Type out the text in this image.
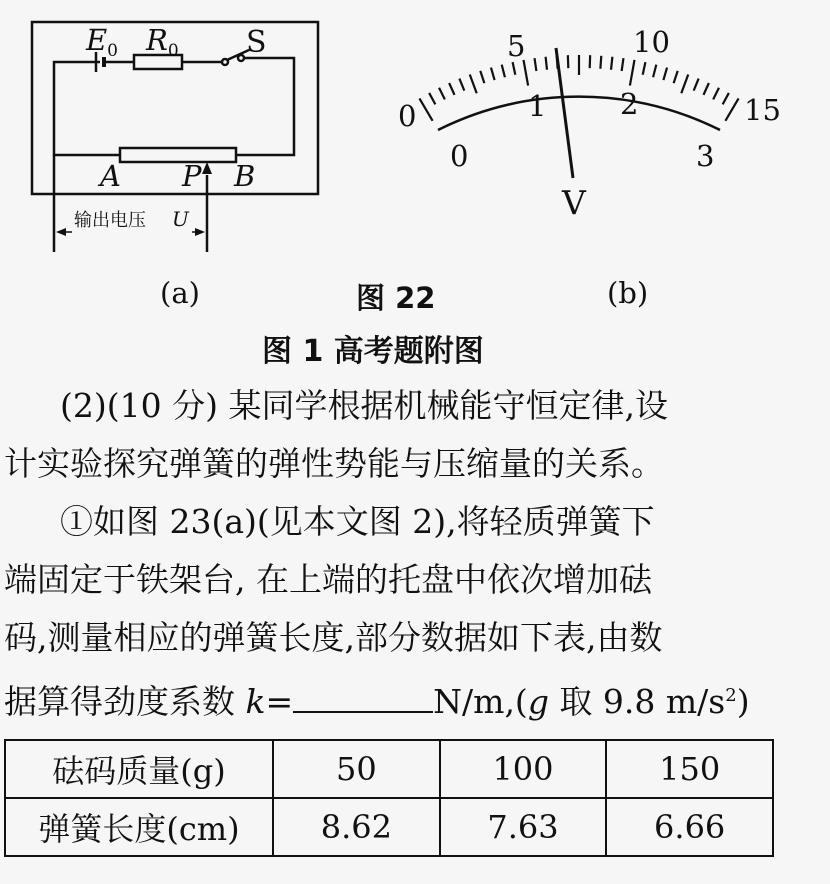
$E_0$ $R_0$
A P B
S
输出电压 U
0
5	10
15
0
1	2
3
V
(a)	图 22	(b)
图 1 高考题附图
(2)(10 分) 某同学根据机械能守恒定律,设
计实验探究弹簧的弹性势能与压缩量的关系。
①如图 23(a)(见本文图 2),将轻质弹簧下
端固定于铁架台, 在上端的托盘中依次增加砝
码,测量相应的弹簧长度,部分数据如下表,由数
据算得劲度系数 k=	N/m,(g 取 9.8 $m/s^2$)
砝码质量(g)	50	100	150
弹簧长度(cm)	8.62	7.63	6.66
